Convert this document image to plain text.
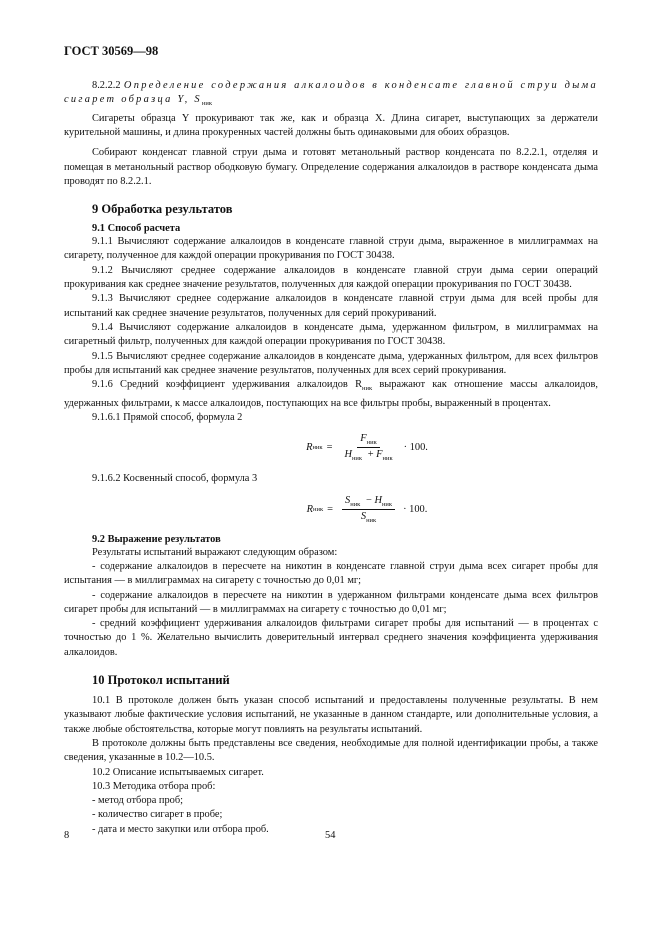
ГОСТ 30569—98

8.2.2.2 Определение содержания алкалоидов в конденсате главной струи дыма сигарет образца Y, $S_{ник}$

Сигареты образца Y прокуривают так же, как и образца X. Длина сигарет, выступающих за держатели курительной машины, и длина прокуренных частей должны быть одинаковыми для обоих образцов.

Собирают конденсат главной струи дыма и готовят метанольный раствор конденсата по 8.2.2.1, отделяя и помещая в метанольный раствор ободковую бумагу. Определение содержания алкалоидов в растворе конденсата дыма проводят по 8.2.2.1.

9 Обработка результатов
9.1 Способ расчета

9.1.1 Вычисляют содержание алкалоидов в конденсате главной струи дыма, выраженное в миллиграммах на сигарету, полученное для каждой операции прокуривания по ГОСТ 30438.

9.1.2 Вычисляют среднее содержание алкалоидов в конденсате главной струи дыма серии операций прокуривания как среднее значение результатов, полученных для каждой операции прокуривания по ГОСТ 30438.

9.1.3 Вычисляют среднее содержание алкалоидов в конденсате главной струи дыма для всей пробы для испытаний как среднее значение результатов, полученных для серий прокуриваний.

9.1.4 Вычисляют содержание алкалоидов в конденсате дыма, удержанном фильтром, в миллиграммах на сигаретный фильтр, полученных для каждой операции прокуривания по ГОСТ 30438.

9.1.5 Вычисляют среднее содержание алкалоидов в конденсате дыма, удержанных фильтром, для всех фильтров пробы для испытаний как среднее значение результатов, полученных для всех серий прокуривания.

9.1.6 Средний коэффициент удерживания алкалоидов $R_{ник}$ выражают как отношение массы алкалоидов, удержанных фильтрами, к массе алкалоидов, поступающих на все фильтры пробы, выраженный в процентах.

9.1.6.1 Прямой способ, формула 2

R ник = $\frac{F_{ник}}{H_{ник} + F_{ник}} \cdot 100$.

9.1.6.2 Косвенный способ, формула 3

R ник = $\frac{S_{ник} - H_{ник}}{S_{ник}} \cdot 100$.
9.2 Выражение результатов

Результаты испытаний выражают следующим образом:

- содержание алкалоидов в пересчете на никотин в конденсате главной струи дыма всех сигарет пробы для испытания — в миллиграммах на сигарету с точностью до 0,01 мг;

- содержание алкалоидов в пересчете на никотин в удержанном фильтрами конденсате дыма всех фильтров сигарет пробы для испытаний — в миллиграммах на сигарету с точностью до 0,01 мг;

- средний коэффициент удерживания алкалоидов фильтрами сигарет пробы для испытаний — в процентах с точностью до 1 %. Желательно вычислить доверительный интервал среднего значения коэффициента удерживания алкалоидов.

10 Протокол испытаний

10.1 В протоколе должен быть указан способ испытаний и предоставлены полученные результаты. В нем указывают любые фактические условия испытаний, не указанные в данном стандарте, или дополнительные условия, а также любые обстоятельства, которые могут повлиять на результаты испытаний.

В протоколе должны быть представлены все сведения, необходимые для полной идентификации пробы, а также сведения, указанные в 10.2—10.5.

10.2 Описание испытываемых сигарет.

10.3 Методика отбора проб:

- метод отбора проб;

- количество сигарет в пробе;

- дата и место закупки или отбора проб.

8	54
